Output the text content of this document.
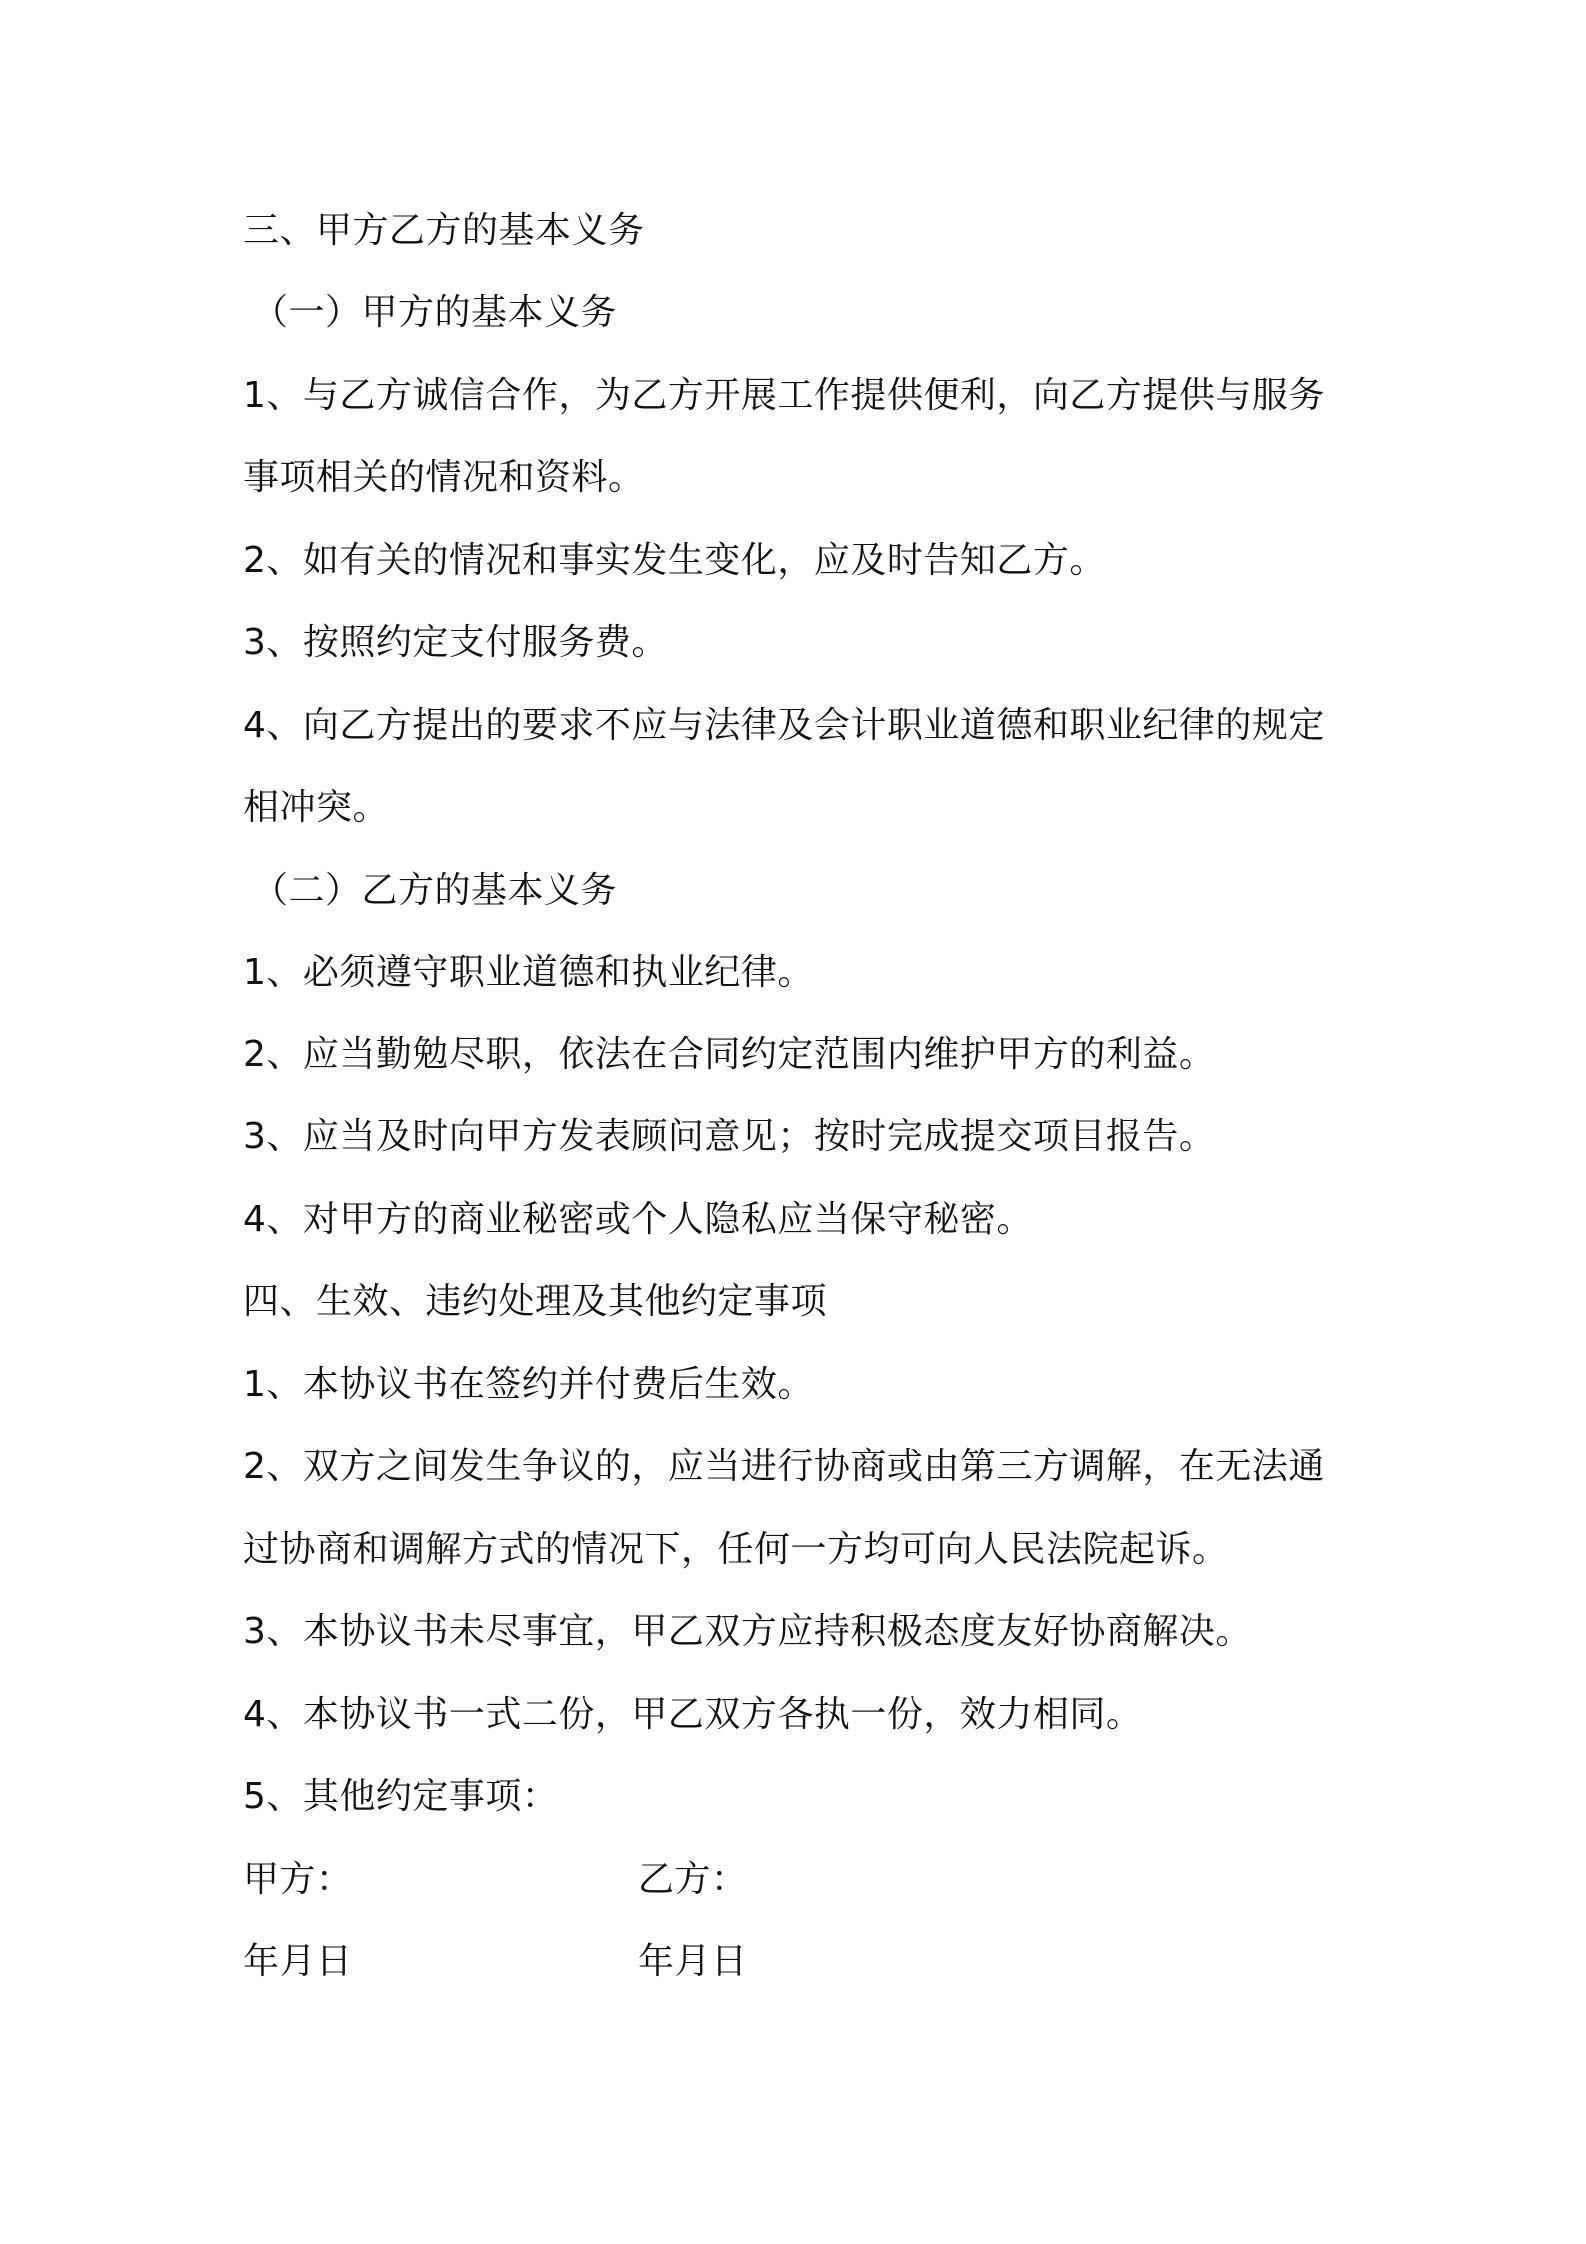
三、甲方乙方的基本义务
（一）甲方的基本义务
1、与乙方诚信合作，为乙方开展工作提供便利，向乙方提供与服务
事项相关的情况和资料。
2、如有关的情况和事实发生变化，应及时告知乙方。
3、按照约定支付服务费。
4、向乙方提出的要求不应与法律及会计职业道德和职业纪律的规定
相冲突。
（二）乙方的基本义务
1、必须遵守职业道德和执业纪律。
2、应当勤勉尽职，依法在合同约定范围内维护甲方的利益。
3、应当及时向甲方发表顾问意见；按时完成提交项目报告。
4、对甲方的商业秘密或个人隐私应当保守秘密。
四、生效、违约处理及其他约定事项
1、本协议书在签约并付费后生效。
2、双方之间发生争议的，应当进行协商或由第三方调解，在无法通
过协商和调解方式的情况下，任何一方均可向人民法院起诉。
3、本协议书未尽事宜，甲乙双方应持积极态度友好协商解决。
4、本协议书一式二份，甲乙双方各执一份，效力相同。
5、其他约定事项：
甲方：	乙方：
年月日	年月日
